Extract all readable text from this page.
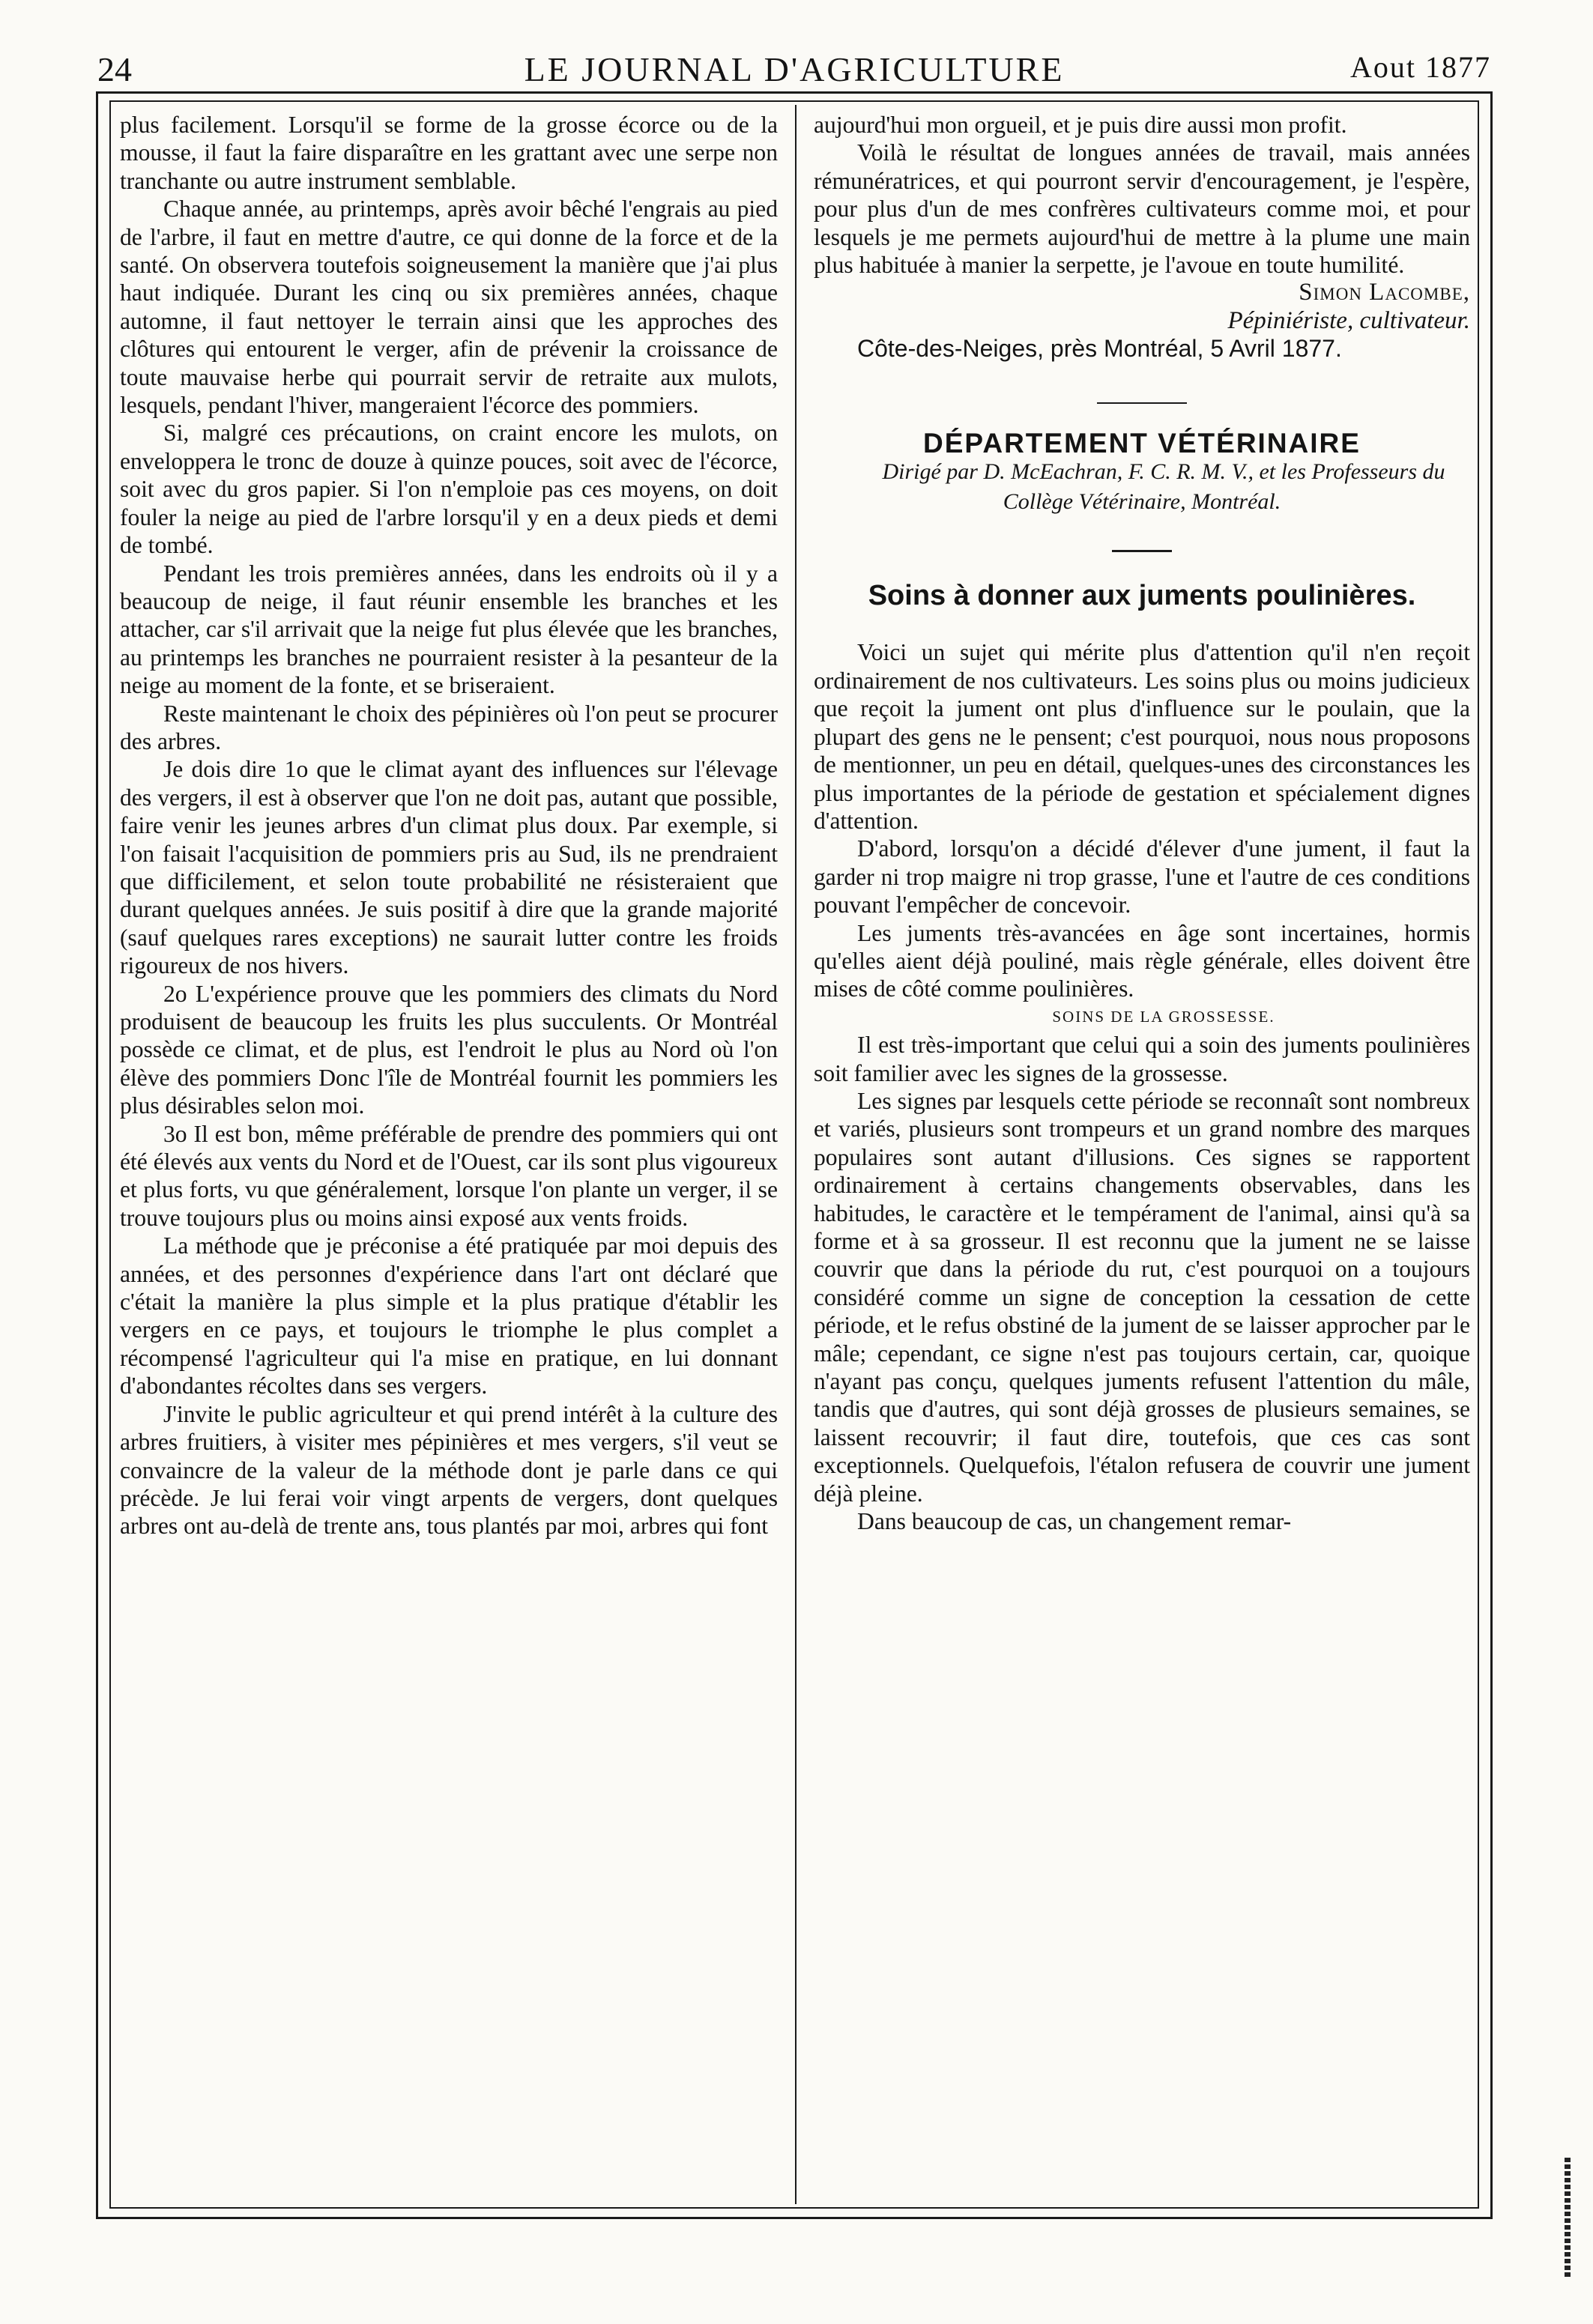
24	LE JOURNAL D'AGRICULTURE	Aout 1877

plus facilement. Lorsqu'il se forme de la grosse écorce ou de la mousse, il faut la faire disparaître en les grattant avec une serpe non tranchante ou autre instrument semblable.

Chaque année, au printemps, après avoir bêché l'engrais au pied de l'arbre, il faut en mettre d'autre, ce qui donne de la force et de la santé. On observera toutefois soigneusement la manière que j'ai plus haut indiquée. Durant les cinq ou six premières années, chaque automne, il faut nettoyer le terrain ainsi que les approches des clôtures qui entourent le verger, afin de prévenir la croissance de toute mauvaise herbe qui pourrait servir de retraite aux mulots, lesquels, pendant l'hiver, mangeraient l'écorce des pommiers.

Si, malgré ces précautions, on craint encore les mulots, on enveloppera le tronc de douze à quinze pouces, soit avec de l'écorce, soit avec du gros papier. Si l'on n'emploie pas ces moyens, on doit fouler la neige au pied de l'arbre lorsqu'il y en a deux pieds et demi de tombé.

Pendant les trois premières années, dans les endroits où il y a beaucoup de neige, il faut réunir ensemble les branches et les attacher, car s'il arrivait que la neige fut plus élevée que les branches, au printemps les branches ne pourraient resister à la pesanteur de la neige au moment de la fonte, et se briseraient.

Reste maintenant le choix des pépinières où l'on peut se procurer des arbres.

Je dois dire 1o que le climat ayant des influences sur l'élevage des vergers, il est à observer que l'on ne doit pas, autant que possible, faire venir les jeunes arbres d'un climat plus doux. Par exemple, si l'on faisait l'acquisition de pommiers pris au Sud, ils ne prendraient que difficilement, et selon toute probabilité ne résisteraient que durant quelques années. Je suis positif à dire que la grande majorité (sauf quelques rares exceptions) ne saurait lutter contre les froids rigoureux de nos hivers.

2o L'expérience prouve que les pommiers des climats du Nord produisent de beaucoup les fruits les plus succulents. Or Montréal possède ce climat, et de plus, est l'endroit le plus au Nord où l'on élève des pommiers Donc l'île de Montréal fournit les pommiers les plus désirables selon moi.

3o Il est bon, même préférable de prendre des pommiers qui ont été élevés aux vents du Nord et de l'Ouest, car ils sont plus vigoureux et plus forts, vu que généralement, lorsque l'on plante un verger, il se trouve toujours plus ou moins ainsi exposé aux vents froids.

La méthode que je préconise a été pratiquée par moi depuis des années, et des personnes d'expérience dans l'art ont déclaré que c'était la manière la plus simple et la plus pratique d'établir les vergers en ce pays, et toujours le triomphe le plus complet a récompensé l'agriculteur qui l'a mise en pratique, en lui donnant d'abondantes récoltes dans ses vergers.

J'invite le public agriculteur et qui prend intérêt à la culture des arbres fruitiers, à visiter mes pépinières et mes vergers, s'il veut se convaincre de la valeur de la méthode dont je parle dans ce qui précède. Je lui ferai voir vingt arpents de vergers, dont quelques arbres ont au-delà de trente ans, tous plantés par moi, arbres qui font

aujourd'hui mon orgueil, et je puis dire aussi mon profit.

Voilà le résultat de longues années de travail, mais années rémunératrices, et qui pourront servir d'encouragement, je l'espère, pour plus d'un de mes confrères cultivateurs comme moi, et pour lesquels je me permets aujourd'hui de mettre à la plume une main plus habituée à manier la serpette, je l'avoue en toute humilité.

Simon Lacombe,

Pépiniériste, cultivateur.

Côte-des-Neiges, près Montréal, 5 Avril 1877.

DÉPARTEMENT VÉTÉRINAIRE

Dirigé par D. McEachran, F. C. R. M. V., et les Professeurs du Collège Vétérinaire, Montréal.

Soins à donner aux juments poulinières.

Voici un sujet qui mérite plus d'attention qu'il n'en reçoit ordinairement de nos cultivateurs. Les soins plus ou moins judicieux que reçoit la jument ont plus d'influence sur le poulain, que la plupart des gens ne le pensent; c'est pourquoi, nous nous proposons de mentionner, un peu en détail, quelques-unes des circonstances les plus importantes de la période de gestation et spécialement dignes d'attention.

D'abord, lorsqu'on a décidé d'élever d'une jument, il faut la garder ni trop maigre ni trop grasse, l'une et l'autre de ces conditions pouvant l'empêcher de concevoir.

Les juments très-avancées en âge sont incertaines, hormis qu'elles aient déjà pouliné, mais règle générale, elles doivent être mises de côté comme poulinières.

SOINS DE LA GROSSESSE.

Il est très-important que celui qui a soin des juments poulinières soit familier avec les signes de la grossesse.

Les signes par lesquels cette période se reconnaît sont nombreux et variés, plusieurs sont trompeurs et un grand nombre des marques populaires sont autant d'illusions. Ces signes se rapportent ordinairement à certains changements observables, dans les habitudes, le caractère et le tempérament de l'animal, ainsi qu'à sa forme et à sa grosseur. Il est reconnu que la jument ne se laisse couvrir que dans la période du rut, c'est pourquoi on a toujours considéré comme un signe de conception la cessation de cette période, et le refus obstiné de la jument de se laisser approcher par le mâle; cependant, ce signe n'est pas toujours certain, car, quoique n'ayant pas conçu, quelques juments refusent l'attention du mâle, tandis que d'autres, qui sont déjà grosses de plusieurs semaines, se laissent recouvrir; il faut dire, toutefois, que ces cas sont exceptionnels. Quelquefois, l'étalon refusera de couvrir une jument déjà pleine.

Dans beaucoup de cas, un changement remar-
